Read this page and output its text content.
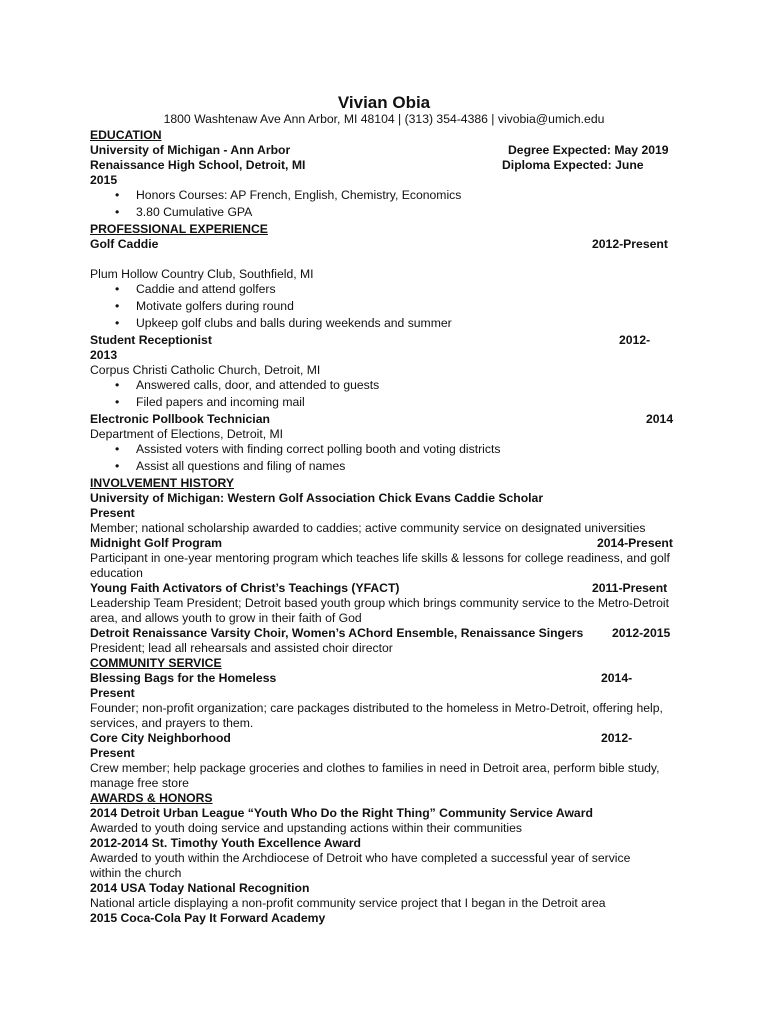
Vivian Obia
1800 Washtenaw Ave Ann Arbor, MI 48104 | (313) 354-4386 | vivobia@umich.edu
EDUCATION
University of Michigan - Ann Arbor	Degree Expected: May 2019
Renaissance High School, Detroit, MI	Diploma Expected: June
2015
• Honors Courses: AP French, English, Chemistry, Economics
• 3.80 Cumulative GPA
PROFESSIONAL EXPERIENCE
Golf Caddie	2012-Present
Plum Hollow Country Club, Southfield, MI
• Caddie and attend golfers
• Motivate golfers during round
• Upkeep golf clubs and balls during weekends and summer
Student Receptionist	2012-
2013
Corpus Christi Catholic Church, Detroit, MI
• Answered calls, door, and attended to guests
• Filed papers and incoming mail
Electronic Pollbook Technician	2014
Department of Elections, Detroit, MI
• Assisted voters with finding correct polling booth and voting districts
• Assist all questions and filing of names
INVOLVEMENT HISTORY
University of Michigan: Western Golf Association Chick Evans Caddie Scholar
Present
Member; national scholarship awarded to caddies; active community service on designated universities
Midnight Golf Program	2014-Present
Participant in one-year mentoring program which teaches life skills & lessons for college readiness, and golf education
Young Faith Activators of Christ’s Teachings (YFACT)	2011-Present
Leadership Team President; Detroit based youth group which brings community service to the Metro-Detroit area, and allows youth to grow in their faith of God
Detroit Renaissance Varsity Choir, Women’s AChord Ensemble, Renaissance Singers 2012-2015
President; lead all rehearsals and assisted choir director
COMMUNITY SERVICE
Blessing Bags for the Homeless	2014-
Present
Founder; non-profit organization; care packages distributed to the homeless in Metro-Detroit, offering help, services, and prayers to them.
Core City Neighborhood	2012-
Present
Crew member; help package groceries and clothes to families in need in Detroit area, perform bible study, manage free store
AWARDS & HONORS
2014 Detroit Urban League “Youth Who Do the Right Thing” Community Service Award
Awarded to youth doing service and upstanding actions within their communities
2012-2014 St. Timothy Youth Excellence Award
Awarded to youth within the Archdiocese of Detroit who have completed a successful year of service within the church
2014 USA Today National Recognition
National article displaying a non-profit community service project that I began in the Detroit area
2015 Coca-Cola Pay It Forward Academy
